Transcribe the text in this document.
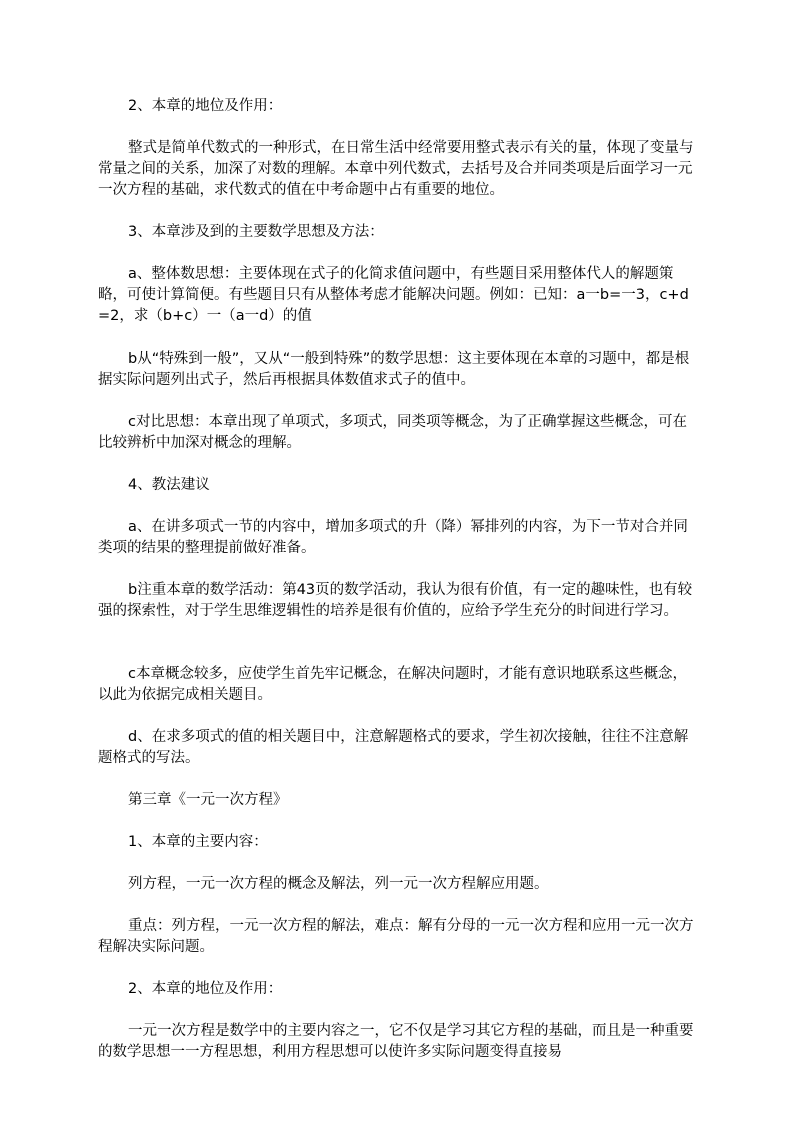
2、本章的地位及作用：

整式是简单代数式的一种形式，在日常生活中经常要用整式表示有关的量，体现了变量与常量之间的关系，加深了对数的理解。本章中列代数式，去括号及合并同类项是后面学习一元一次方程的基础，求代数式的值在中考命题中占有重要的地位。

3、本章涉及到的主要数学思想及方法：

a、整体数思想：主要体现在式子的化简求值问题中，有些题目采用整体代人的解题策略，可使计算简便。有些题目只有从整体考虑才能解决问题。例如：已知：a一b=一3，c+d=2，求（b+c）一（a一d）的值

b从“特殊到一般”，又从“一般到特殊”的数学思想：这主要体现在本章的习题中，都是根据实际问题列出式子，然后再根据具体数值求式子的值中。

c对比思想：本章出现了单项式，多项式，同类项等概念，为了正确掌握这些概念，可在比较辨析中加深对概念的理解。

4、教法建议

a、在讲多项式一节的内容中，增加多项式的升（降）幂排列的内容，为下一节对合并同类项的结果的整理提前做好准备。

b注重本章的数学活动：第43页的数学活动，我认为很有价值，有一定的趣味性，也有较强的探索性，对于学生思维逻辑性的培养是很有价值的，应给予学生充分的时间进行学习。

c本章概念较多，应使学生首先牢记概念，在解决问题时，才能有意识地联系这些概念，以此为依据完成相关题目。

d、在求多项式的值的相关题目中，注意解题格式的要求，学生初次接触，往往不注意解题格式的写法。

第三章《一元一次方程》

1、本章的主要内容：

列方程，一元一次方程的概念及解法，列一元一次方程解应用题。

重点：列方程，一元一次方程的解法，难点：解有分母的一元一次方程和应用一元一次方程解决实际问题。

2、本章的地位及作用：

一元一次方程是数学中的主要内容之一，它不仅是学习其它方程的基础，而且是一种重要的数学思想一一方程思想，利用方程思想可以使许多实际问题变得直接易
